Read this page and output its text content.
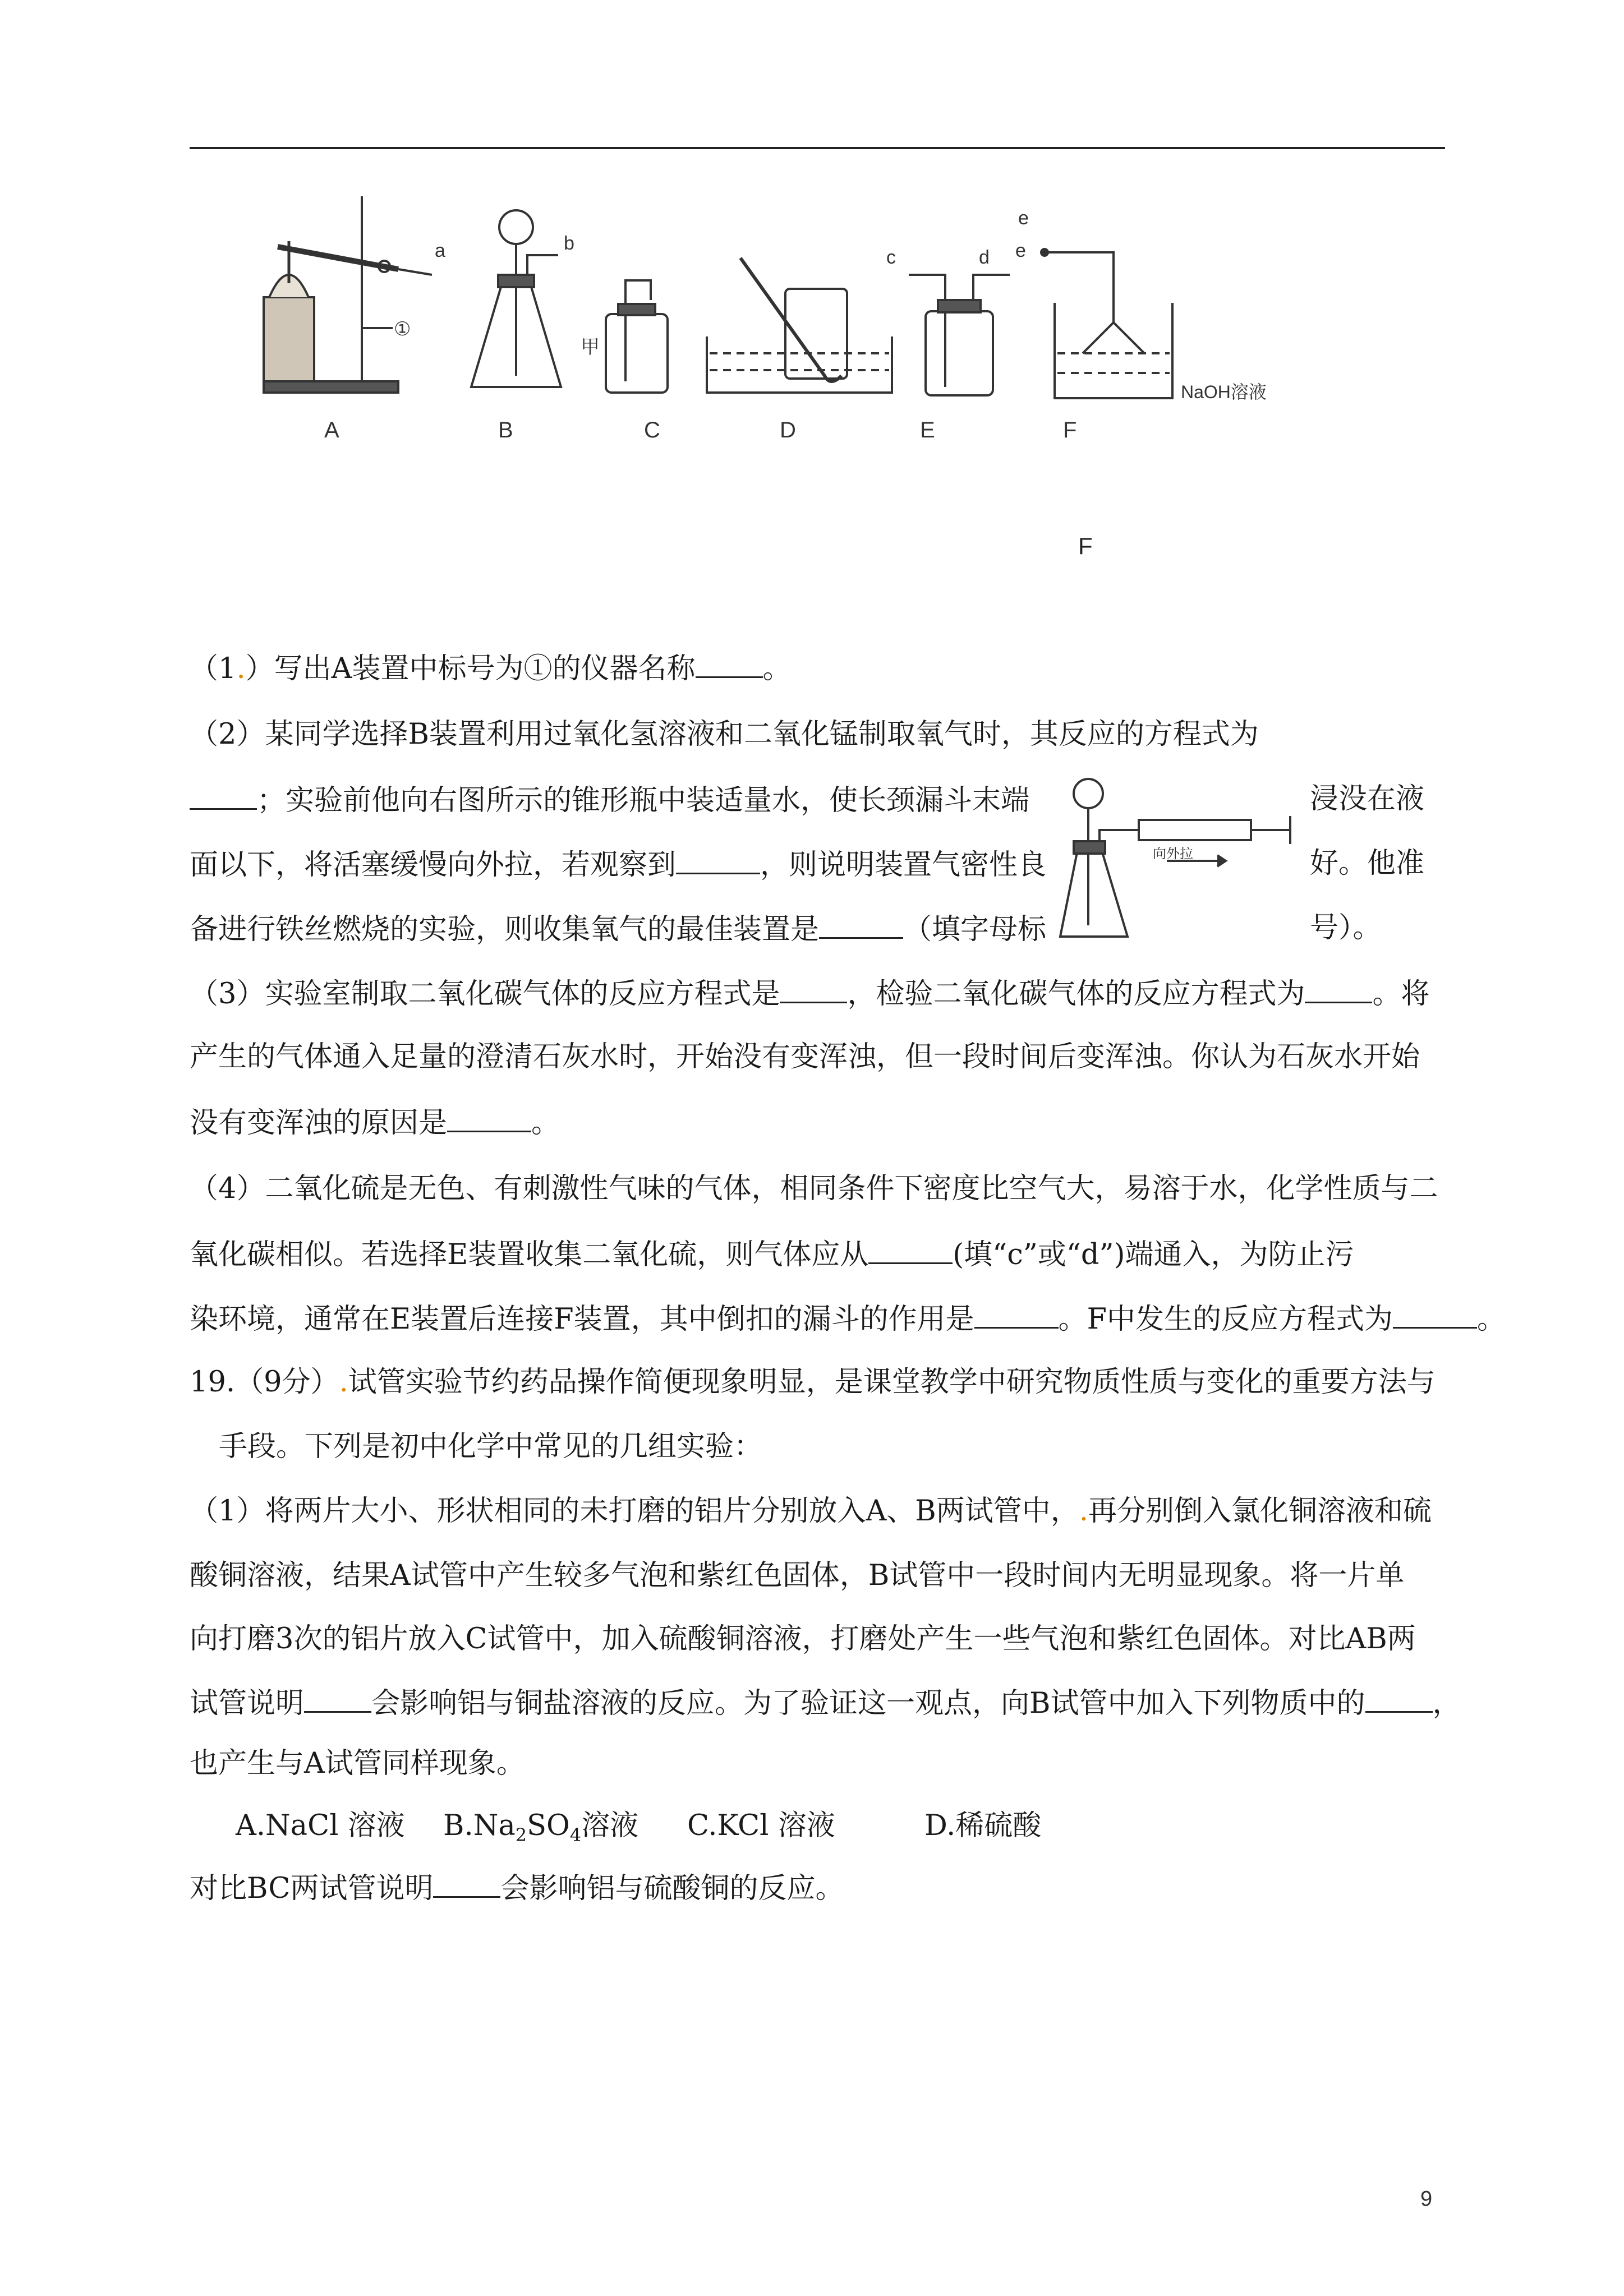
a	b
①
甲
c	d
e
e
NaOH溶液
A	B	C	D	E	F
F
（1.）写出A装置中标号为①的仪器名称 。
（2）某同学选择B装置利用过氧化氢溶液和二氧化锰制取氧气时，其反应的方程式为
；实验前他向右图所示的锥形瓶中装适量水，使长颈漏斗末端	浸没在液
面以下，将活塞缓慢向外拉，若观察到	，则说明装置气密性良	好。他准
备进行铁丝燃烧的实验，则收集氧气的最佳装置是	（填字母标	号）。
向外拉
（3）实验室制取二氧化碳气体的反应方程式是 ，检验二氧化碳气体的反应方程式为 。将
产生的气体通入足量的澄清石灰水时，开始没有变浑浊，但一段时间后变浑浊。你认为石灰水开始
没有变浑浊的原因是	。
（4）二氧化硫是无色、有刺激性气味的气体，相同条件下密度比空气大，易溶于水，化学性质与二
氧化碳相似。若选择E装置收集二氧化硫，则气体应从	(填“c”或“d”)端通入，为防止污
染环境，通常在E装置后连接F装置，其中倒扣的漏斗的作用是	。F中发生的反应方程式为	。
19.（9分）.试管实验节约药品操作简便现象明显，是课堂教学中研究物质性质与变化的重要方法与
手段。下列是初中化学中常见的几组实验：
（1）将两片大小、形状相同的未打磨的铝片分别放入A、B两试管中，.再分别倒入氯化铜溶液和硫
酸铜溶液，结果A试管中产生较多气泡和紫红色固体，B试管中一段时间内无明显现象。将一片单
向打磨3次的铝片放入C试管中，加入硫酸铜溶液，打磨处产生一些气泡和紫红色固体。对比AB两
试管说明 会影响铝与铜盐溶液的反应。为了验证这一观点，向B试管中加入下列物质中的 ，
也产生与A试管同样现象。
A.NaCl 溶液 $B.Na_2SO_4$溶液 C.KCl 溶液	D.稀硫酸
对比BC两试管说明 会影响铝与硫酸铜的反应。
9
